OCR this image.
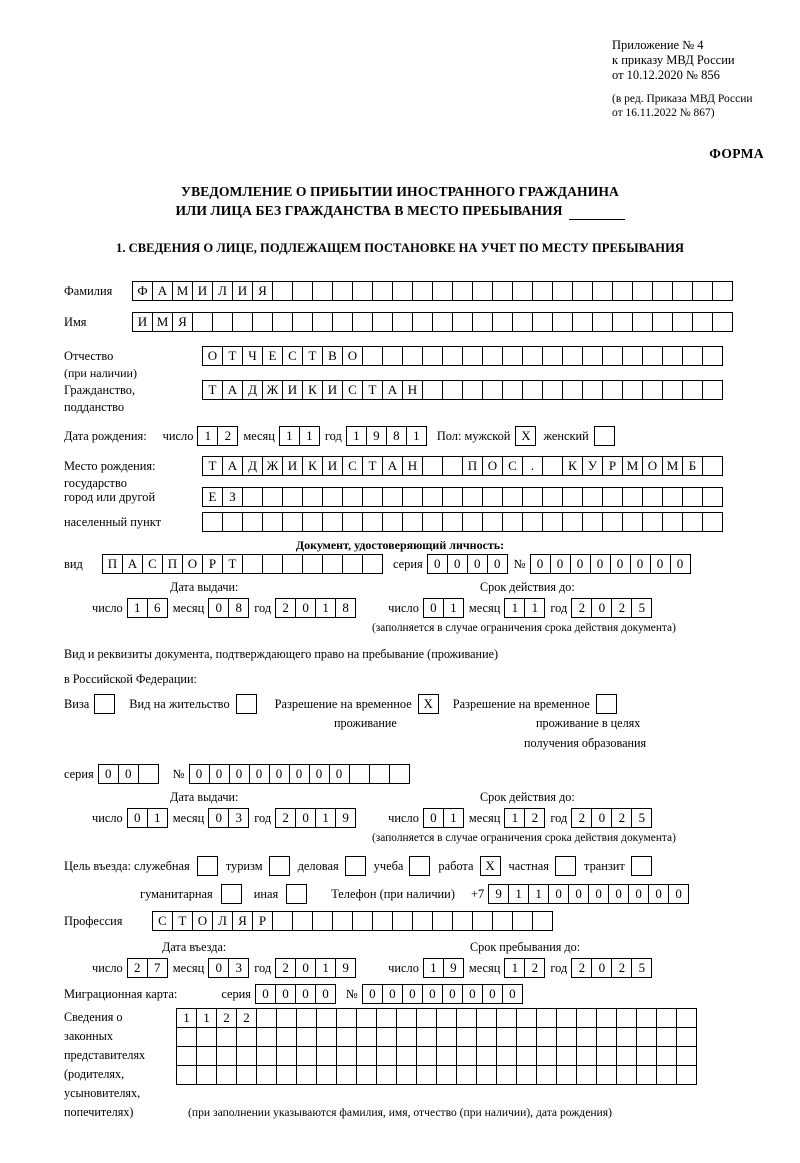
Приложение № 4
к приказу МВД России
от 10.12.2020 № 856
(в ред. Приказа МВД России
от 16.11.2022 № 867)
ФОРМА
УВЕДОМЛЕНИЕ О ПРИБЫТИИ ИНОСТРАННОГО ГРАЖДАНИНА
ИЛИ ЛИЦА БЕЗ ГРАЖДАНСТВА В МЕСТО ПРЕБЫВАНИЯ
1. СВЕДЕНИЯ О ЛИЦЕ, ПОДЛЕЖАЩЕМ ПОСТАНОВКЕ НА УЧЕТ ПО МЕСТУ ПРЕБЫВАНИЯ
Фамилия	Ф А М И Л И Я
Имя	И М Я
Отчество	О Т Ч Е С Т В О
(при наличии)
Гражданство,	Т А Д Ж И К И С Т А Н
подданство
Дата рождения: число 1	2 месяц 1	1 год 1	9	8	1	Пол: мужской Х	женский
Место рождения:	Т А Д Ж И К И С Т А Н	П О С	.	К У Р М О М Б
государство
город или другой	Е З
населенный пункт
Документ, удостоверяющий личность:
вид	П А С П О Р Т	серия 0	0	0	0	№ 0	0	0	0	0	0	0	0
Дата выдачи:	Срок действия до:
число 1	6 месяц 0	8 год 2	0	1	8	число 0	1 месяц 1	1 год 2	0	2	5
(заполняется в случае ограничения срока действия документа)
Вид и реквизиты документа, подтверждающего право на пребывание (проживание)
в Российской Федерации:
Виза	Вид на жительство	Разрешение на временное Х	Разрешение на временное
проживание	проживание в целях
получения образования
серия 0	0	№ 0	0	0	0	0	0	0	0
Дата выдачи:	Срок действия до:
число 0	1 месяц 0	3 год 2	0	1	9	число 0	1 месяц 1	2 год 2	0	2	5
(заполняется в случае ограничения срока действия документа)
Цель въезда: служебная	туризм	деловая	учеба	работа Х	частная	транзит
гуманитарная	иная	Телефон (при наличии) +7 9	1	1	0	0	0	0	0	0	0
Профессия	С Т О Л Я Р
Дата въезда:	Срок пребывания до:
число 2	7 месяц 0	3 год 2	0	1	9	число 1	9 месяц 1	2 год 2	0	2	5
Миграционная карта:	серия 0	0	0	0	№ 0	0	0	0	0	0	0	0
Сведения о
законных
представителях
(родителях,
усыновителях,
попечителях)
1	1	2	2
(при заполнении указываются фамилия, имя, отчество (при наличии), дата рождения)
